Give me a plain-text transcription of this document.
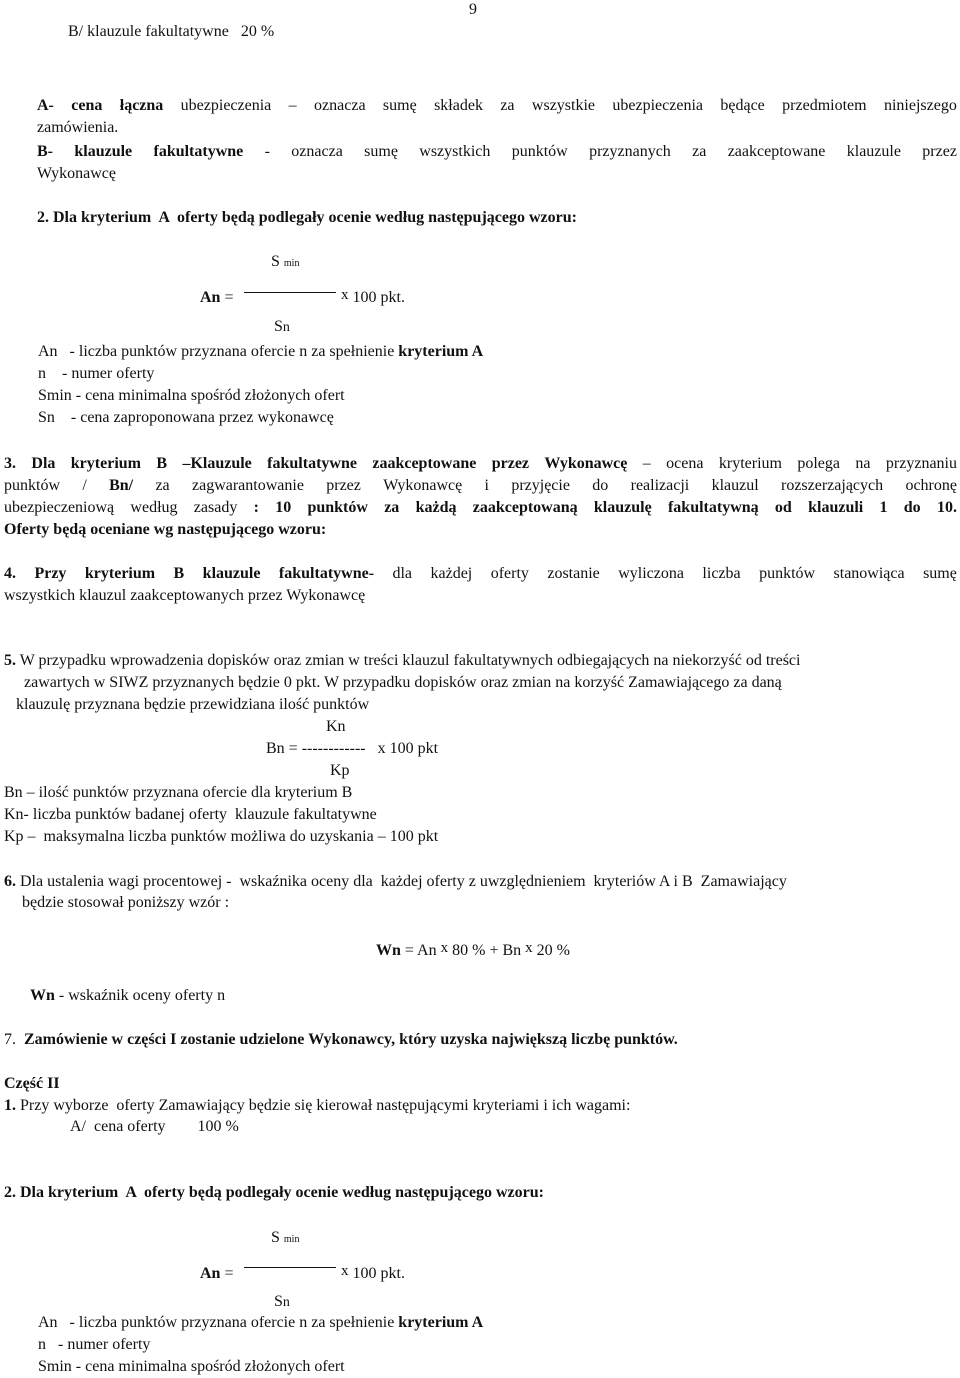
9
B/ klauzule fakultatywne   20 %
A- cena łączna ubezpieczenia – oznacza sumę składek za wszystkie ubezpieczenia będące przedmiotem niniejszego
zamówienia.
B- klauzule fakultatywne - oznacza sumę wszystkich punktów przyznanych za zaakceptowane klauzule przez
Wykonawcę
2. Dla kryterium  A  oferty będą podlegały ocenie według następującego wzoru:
S min
An =	x 100 pkt.
Sn
An   - liczba punktów przyznana ofercie n za spełnienie kryterium A
n    - numer oferty
Smin - cena minimalna spośród złożonych ofert
Sn    - cena zaproponowana przez wykonawcę
3. Dla kryterium B –Klauzule fakultatywne zaakceptowane przez Wykonawcę – ocena kryterium polega na przyznaniu
punktów / Bn/ za zagwarantowanie przez Wykonawcę i przyjęcie do realizacji klauzul rozszerzających ochronę
ubezpieczeniową według zasady : 10 punktów za każdą zaakceptowaną klauzulę fakultatywną od klauzuli 1 do 10.
Oferty będą oceniane wg następującego wzoru:
4. Przy kryterium B klauzule fakultatywne- dla każdej oferty zostanie wyliczona liczba punktów stanowiąca sumę
wszystkich klauzul zaakceptowanych przez Wykonawcę
5. W przypadku wprowadzenia dopisków oraz zmian w treści klauzul fakultatywnych odbiegających na niekorzyść od treści
zawartych w SIWZ przyznanych będzie 0 pkt. W przypadku dopisków oraz zmian na korzyść Zamawiającego za daną
klauzulę przyznana będzie przewidziana ilość punktów
Kn
Bn = ------------   x 100 pkt
Kp
Bn – ilość punktów przyznana ofercie dla kryterium B
Kn- liczba punktów badanej oferty  klauzule fakultatywne
Kp –  maksymalna liczba punktów możliwa do uzyskania – 100 pkt
6. Dla ustalenia wagi procentowej -  wskaźnika oceny dla  każdej oferty z uwzględnieniem  kryteriów A i B  Zamawiający
będzie stosował poniższy wzór :
Wn = An x 80 % + Bn x 20 %
Wn - wskaźnik oceny oferty n
7.  Zamówienie w części I zostanie udzielone Wykonawcy, który uzyska największą liczbę punktów.
Część II
1. Przy wyborze  oferty Zamawiający będzie się kierował następującymi kryteriami i ich wagami:
A/  cena oferty        100 %
2. Dla kryterium  A  oferty będą podlegały ocenie według następującego wzoru:
S min
An =	x 100 pkt.
Sn
An   - liczba punktów przyznana ofercie n za spełnienie kryterium A
n   - numer oferty
Smin - cena minimalna spośród złożonych ofert
